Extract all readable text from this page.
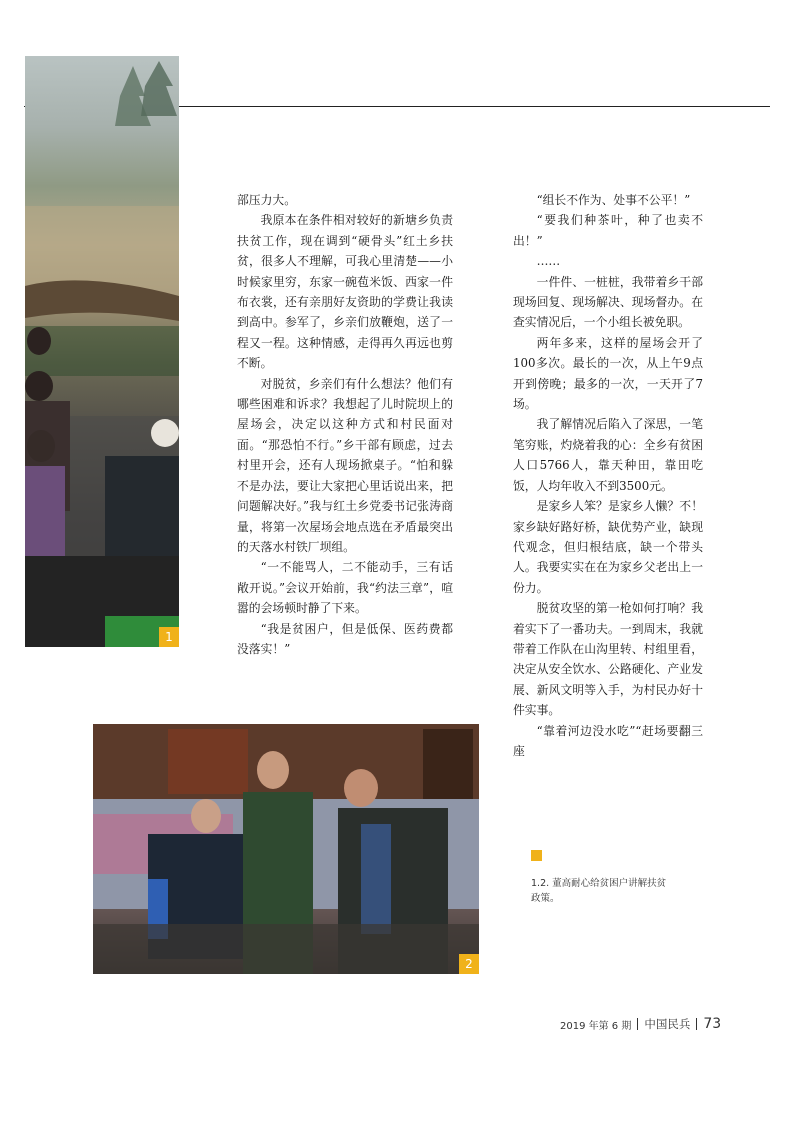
1

部压力大。

我原本在条件相对较好的新塘乡负责扶贫工作，现在调到“硬骨头”红土乡扶贫，很多人不理解，可我心里清楚——小时候家里穷，东家一碗苞米饭、西家一件布衣裳，还有亲朋好友资助的学费让我读到高中。参军了，乡亲们放鞭炮，送了一程又一程。这种情感，走得再久再远也剪不断。

对脱贫，乡亲们有什么想法？他们有哪些困难和诉求？我想起了儿时院坝上的屋场会，决定以这种方式和村民面对面。“那恐怕不行。”乡干部有顾虑，过去村里开会，还有人现场掀桌子。“怕和躲不是办法，要让大家把心里话说出来，把问题解决好。”我与红土乡党委书记张涛商量，将第一次屋场会地点选在矛盾最突出的天落水村铁厂坝组。

“一不能骂人，二不能动手，三有话敞开说。”会议开始前，我“约法三章”，喧嚣的会场顿时静了下来。

“我是贫困户，但是低保、医药费都没落实！”

“组长不作为、处事不公平！”

“要我们种茶叶，种了也卖不出！”

……

一件件、一桩桩，我带着乡干部现场回复、现场解决、现场督办。在查实情况后，一个小组长被免职。

两年多来，这样的屋场会开了100多次。最长的一次，从上午9点开到傍晚；最多的一次，一天开了7场。

我了解情况后陷入了深思，一笔笔穷账，灼烧着我的心：全乡有贫困人口5766人，靠天种田，靠田吃饭，人均年收入不到3500元。

是家乡人笨？是家乡人懒？不！家乡缺好路好桥，缺优势产业，缺现代观念，但归根结底，缺一个带头人。我要实实在在为家乡父老出上一份力。

脱贫攻坚的第一枪如何打响？我着实下了一番功夫。一到周末，我就带着工作队在山沟里转、村组里看，决定从安全饮水、公路硬化、产业发展、新风文明等入手，为村民办好十件实事。

“靠着河边没水吃”“赶场要翻三座

2
1.2. 董高耐心给贫困户讲解扶贫政策。
2019 年第 6 期 中国民兵 73
